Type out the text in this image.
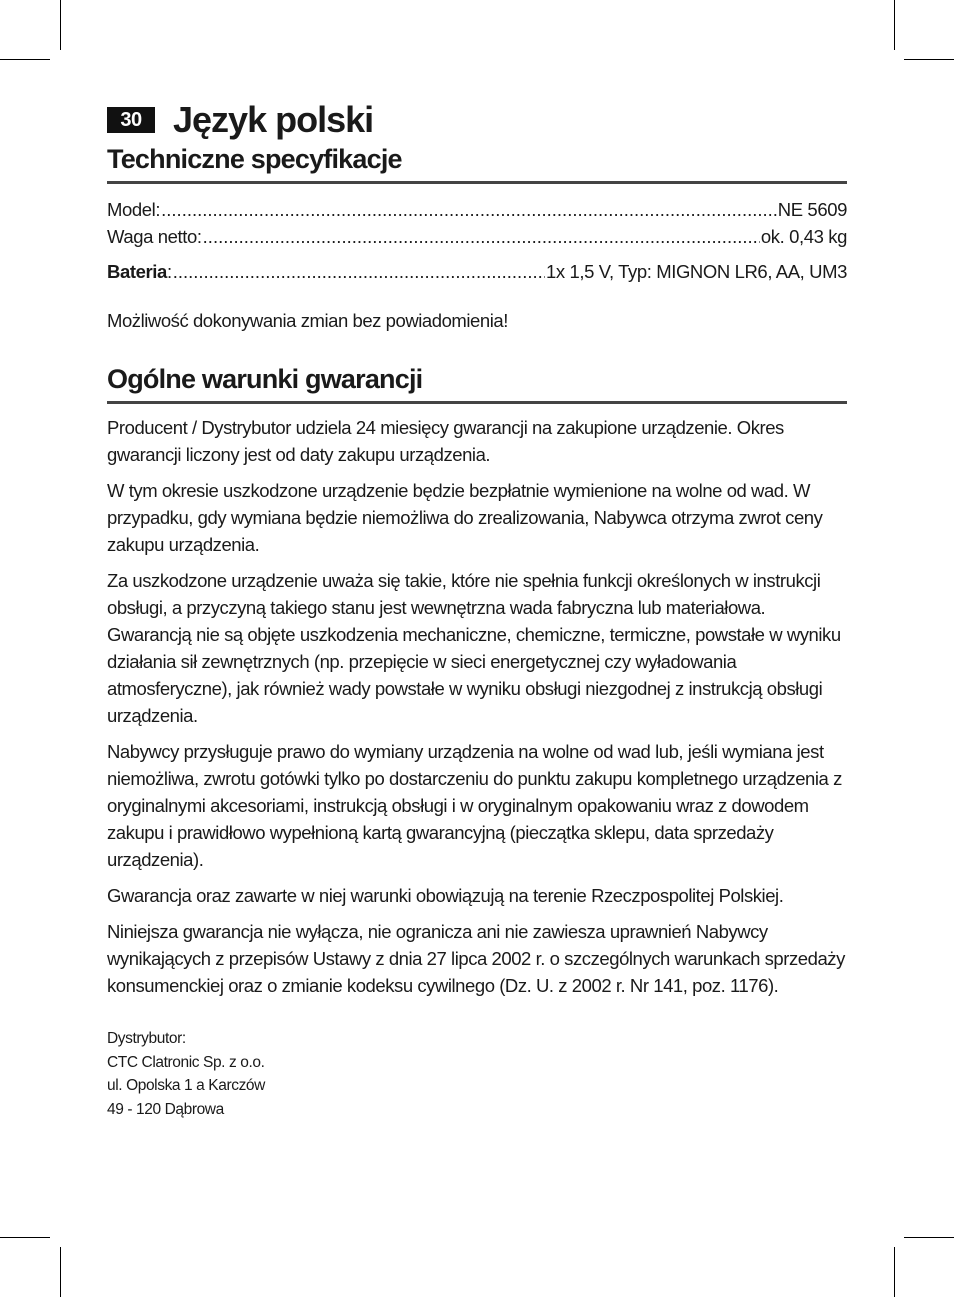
30 Język polski
Techniczne specyfikacje
Model: .....	NE 5609
Waga netto: .....	ok. 0,43 kg
Bateria : .....	1x 1,5 V, Typ: MIGNON LR6, AA, UM3

Możliwość dokonywania zmian bez powiadomienia!

Ogólne warunki gwarancji

Producent / Dystrybutor udziela 24 miesięcy gwarancji na zakupione urządzenie. Okres gwarancji liczony jest od daty zakupu urządzenia.

W tym okresie uszkodzone urządzenie będzie bezpłatnie wymienione na wolne od wad. W przypadku, gdy wymiana będzie niemożliwa do zrealizowania, Nabywca otrzyma zwrot ceny zakupu urządzenia.

Za uszkodzone urządzenie uważa się takie, które nie spełnia funkcji określonych w instrukcji obsługi, a przyczyną takiego stanu jest wewnętrzna wada fabryczna lub materiałowa. Gwarancją nie są objęte uszkodzenia mechaniczne, chemiczne, termiczne, powstałe w wyniku działania sił zewnętrznych (np. przepięcie w sieci energetycznej czy wyładowania atmosferyczne), jak również wady powstałe w wyniku obsługi niezgodnej z instrukcją obsługi urządzenia.

Nabywcy przysługuje prawo do wymiany urządzenia na wolne od wad lub, jeśli wymiana jest niemożliwa, zwrotu gotówki tylko po dostarczeniu do punktu zakupu kompletnego urządzenia z oryginalnymi akcesoriami, instrukcją obsługi i w oryginalnym opakowaniu wraz z dowodem zakupu i prawidłowo wypełnioną kartą gwarancyjną (pieczątka sklepu, data sprzedaży urządzenia).

Gwarancja oraz zawarte w niej warunki obowiązują na terenie Rzeczpospolitej Polskiej.

Niniejsza gwarancja nie wyłącza, nie ogranicza ani nie zawiesza uprawnień Nabywcy wynikających z przepisów Ustawy z dnia 27 lipca 2002 r. o szczególnych warunkach sprzedaży konsumenckiej oraz o zmianie kodeksu cywilnego (Dz. U. z 2002 r. Nr 141, poz. 1176).

Dystrybutor:
CTC Clatronic Sp. z o.o.
ul. Opolska 1 a Karczów
49 - 120 Dąbrowa
